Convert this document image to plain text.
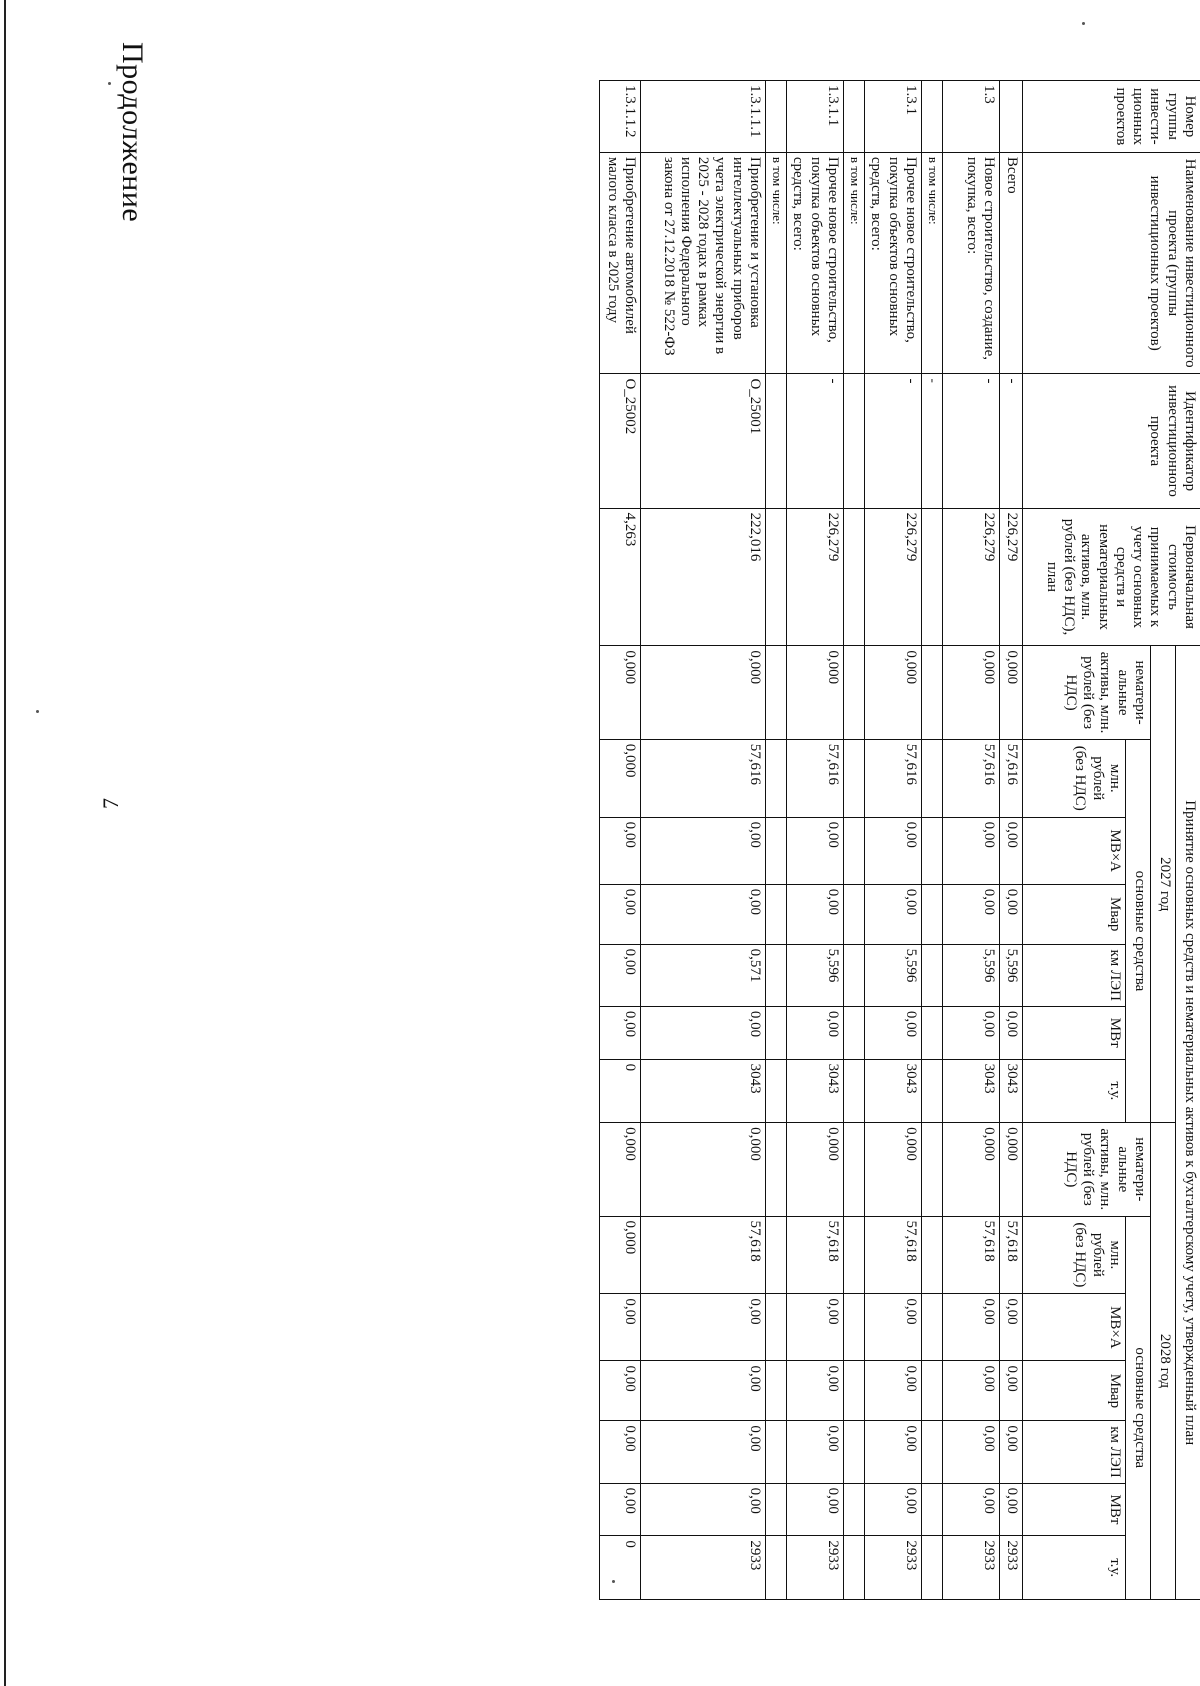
Продолжение
7
Номер группы инвести-ционных проектов	Наименование инвестиционного проекта (группы инвестиционных проектов)	Идентификатор инвестиционного проекта	Первоначальная стоимость принимаемых к учету основных средств и нематериальных активов, млн. рублей (без НДС), план	Принятие основных средств и нематериальных активов к бухгалтерскому учету, утвержденный план													
				2027 год							2028 год						
				нематери-альные активы, млн. рублей (без НДС)	основные средства						нематери-альные активы, млн. рублей (без НДС)	основные средства					
					млн. рублей (без НДС)	МВ×А	Мвар	км ЛЭП	МВт	т.у.		млн. рублей (без НДС)	МВ×А	Мвар	км ЛЭП	МВт	т.у.
	Всего	-	226,279	0,000	57,616	0,00	0,00	5,596	0,00	3043	0,000	57,618	0,00	0,00	0,00	0,00	2933
1.3	Новое строительство, создание, покупка, всего:	-	226,279	0,000	57,616	0,00	0,00	5,596	0,00	3043	0,000	57,618	0,00	0,00	0,00	0,00	2933
	в том числе:	-															
1.3.1	Прочее новое строительство, покупка объектов основных средств, всего:	-	226,279	0,000	57,616	0,00	0,00	5,596	0,00	3043	0,000	57,618	0,00	0,00	0,00	0,00	2933
	в том числе:																
1.3.1.1	Прочее новое строительство, покупка объектов основных средств, всего:	-	226,279	0,000	57,616	0,00	0,00	5,596	0,00	3043	0,000	57,618	0,00	0,00	0,00	0,00	2933
	в том числе:																
1.3.1.1.1	Приобретение и установка интеллектуальных приборов учета электрической энергии в 2025 - 2028 годах в рамках исполнения Федерального закона от 27.12.2018 № 522-ФЗ	О_25001	222,016	0,000	57,616	0,00	0,00	0,571	0,00	3043	0,000	57,618	0,00	0,00	0,00	0,00	2933
1.3.1.1.2	Приобретение автомобилей малого класса в 2025 году	О_25002	4,263	0,000	0,000	0,00	0,00	0,00	0,00	0	0,000	0,000	0,00	0,00	0,00	0,00	0
